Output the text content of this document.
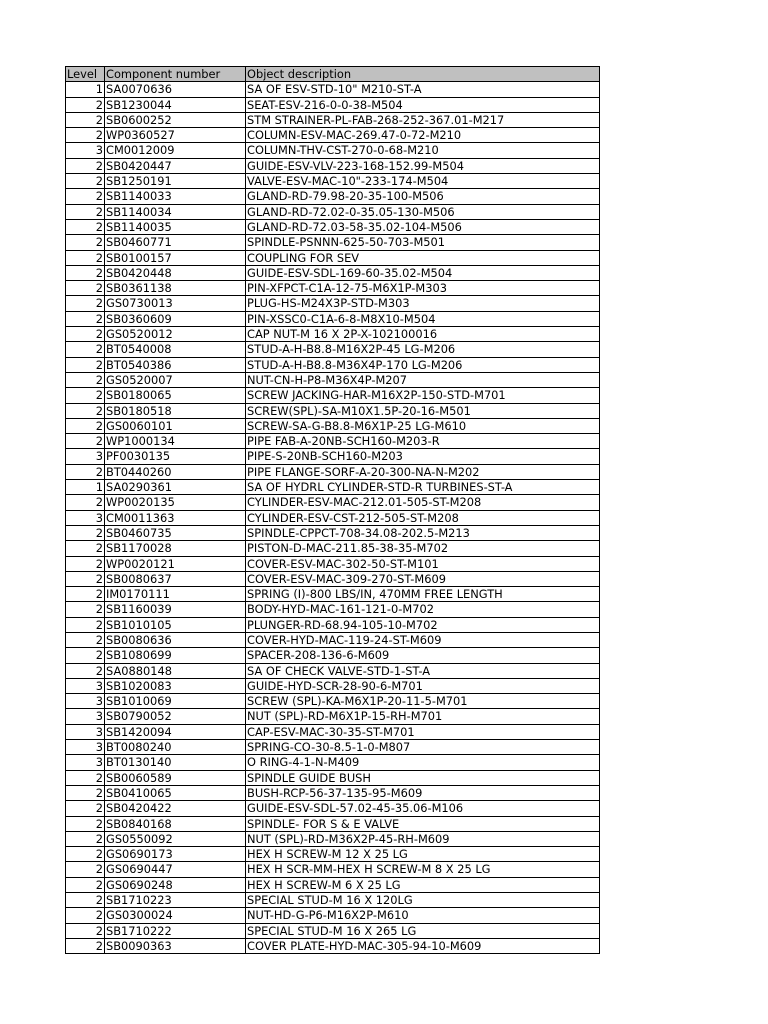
Level	Component number	Object description
1	SA0070636	SA OF ESV-STD-10" M210-ST-A
2	SB1230044	SEAT-ESV-216-0-0-38-M504
2	SB0600252	STM STRAINER-PL-FAB-268-252-367.01-M217
2	WP0360527	COLUMN-ESV-MAC-269.47-0-72-M210
3	CM0012009	COLUMN-THV-CST-270-0-68-M210
2	SB0420447	GUIDE-ESV-VLV-223-168-152.99-M504
2	SB1250191	VALVE-ESV-MAC-10"-233-174-M504
2	SB1140033	GLAND-RD-79.98-20-35-100-M506
2	SB1140034	GLAND-RD-72.02-0-35.05-130-M506
2	SB1140035	GLAND-RD-72.03-58-35.02-104-M506
2	SB0460771	SPINDLE-PSNNN-625-50-703-M501
2	SB0100157	COUPLING FOR SEV
2	SB0420448	GUIDE-ESV-SDL-169-60-35.02-M504
2	SB0361138	PIN-XFPCT-C1A-12-75-M6X1P-M303
2	GS0730013	PLUG-HS-M24X3P-STD-M303
2	SB0360609	PIN-XSSC0-C1A-6-8-M8X10-M504
2	GS0520012	CAP NUT-M 16 X 2P-X-102100016
2	BT0540008	STUD-A-H-B8.8-M16X2P-45 LG-M206
2	BT0540386	STUD-A-H-B8.8-M36X4P-170 LG-M206
2	GS0520007	NUT-CN-H-P8-M36X4P-M207
2	SB0180065	SCREW JACKING-HAR-M16X2P-150-STD-M701
2	SB0180518	SCREW(SPL)-SA-M10X1.5P-20-16-M501
2	GS0060101	SCREW-SA-G-B8.8-M6X1P-25 LG-M610
2	WP1000134	PIPE FAB-A-20NB-SCH160-M203-R
3	PF0030135	PIPE-S-20NB-SCH160-M203
2	BT0440260	PIPE FLANGE-SORF-A-20-300-NA-N-M202
1	SA0290361	SA OF HYDRL CYLINDER-STD-R TURBINES-ST-A
2	WP0020135	CYLINDER-ESV-MAC-212.01-505-ST-M208
3	CM0011363	CYLINDER-ESV-CST-212-505-ST-M208
2	SB0460735	SPINDLE-CPPCT-708-34.08-202.5-M213
2	SB1170028	PISTON-D-MAC-211.85-38-35-M702
2	WP0020121	COVER-ESV-MAC-302-50-ST-M101
2	SB0080637	COVER-ESV-MAC-309-270-ST-M609
2	IM0170111	SPRING (I)-800 LBS/IN, 470MM FREE LENGTH
2	SB1160039	BODY-HYD-MAC-161-121-0-M702
2	SB1010105	PLUNGER-RD-68.94-105-10-M702
2	SB0080636	COVER-HYD-MAC-119-24-ST-M609
2	SB1080699	SPACER-208-136-6-M609
2	SA0880148	SA OF CHECK VALVE-STD-1-ST-A
3	SB1020083	GUIDE-HYD-SCR-28-90-6-M701
3	SB1010069	SCREW (SPL)-KA-M6X1P-20-11-5-M701
3	SB0790052	NUT (SPL)-RD-M6X1P-15-RH-M701
3	SB1420094	CAP-ESV-MAC-30-35-ST-M701
3	BT0080240	SPRING-CO-30-8.5-1-0-M807
3	BT0130140	O RING-4-1-N-M409
2	SB0060589	SPINDLE GUIDE BUSH
2	SB0410065	BUSH-RCP-56-37-135-95-M609
2	SB0420422	GUIDE-ESV-SDL-57.02-45-35.06-M106
2	SB0840168	SPINDLE- FOR S & E VALVE
2	GS0550092	NUT (SPL)-RD-M36X2P-45-RH-M609
2	GS0690173	HEX H SCREW-M 12 X 25 LG
2	GS0690447	HEX H SCR-MM-HEX H SCREW-M 8 X 25 LG
2	GS0690248	HEX H SCREW-M 6 X 25 LG
2	SB1710223	SPECIAL STUD-M 16 X 120LG
2	GS0300024	NUT-HD-G-P6-M16X2P-M610
2	SB1710222	SPECIAL STUD-M 16 X 265 LG
2	SB0090363	COVER PLATE-HYD-MAC-305-94-10-M609
